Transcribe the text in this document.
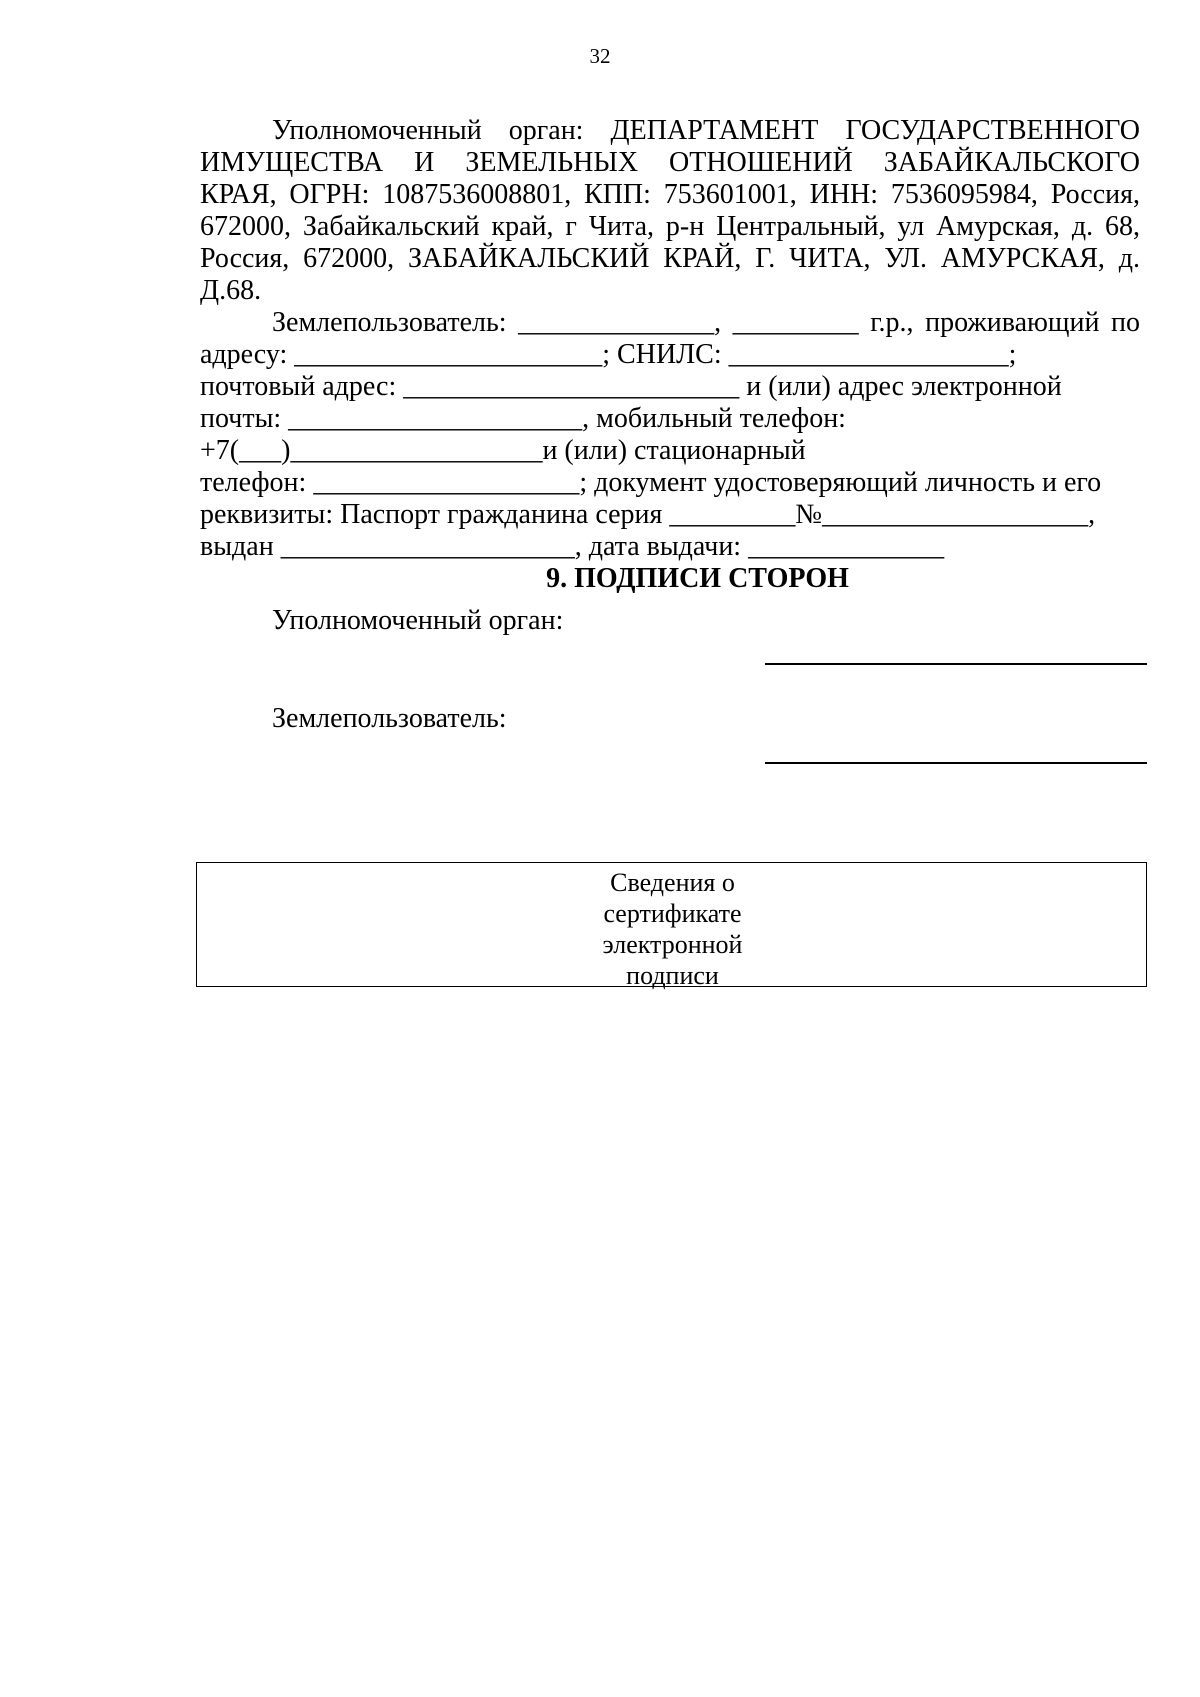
32
Уполномоченный орган: ДЕПАРТАМЕНТ ГОСУДАРСТВЕННОГО
ИМУЩЕСТВА И ЗЕМЕЛЬНЫХ ОТНОШЕНИЙ ЗАБАЙКАЛЬСКОГО
КРАЯ, ОГРН: 1087536008801, КПП: 753601001, ИНН: 7536095984, Россия,
672000, Забайкальский край, г Чита, р-н Центральный, ул Амурская, д. 68,
Россия, 672000, ЗАБАЙКАЛЬСКИЙ КРАЙ, Г. ЧИТА, УЛ. АМУРСКАЯ, д.
Д.68.
Землепользователь: ______________, _________ г.р., проживающий по
адресу: ______________________; СНИЛС: ____________________;
почтовый адрес: ________________________ и (или) адрес электронной
почты: _____________________, мобильный телефон:
+7(___)__________________и (или) стационарный
телефон: ___________________; документ удостоверяющий личность и его
реквизиты: Паспорт гражданина серия _________№___________________,
выдан _____________________, дата выдачи: ______________
9. ПОДПИСИ СТОРОН
Уполномоченный орган:
Землепользователь:
Сведения о
сертификате
электронной
подписи
